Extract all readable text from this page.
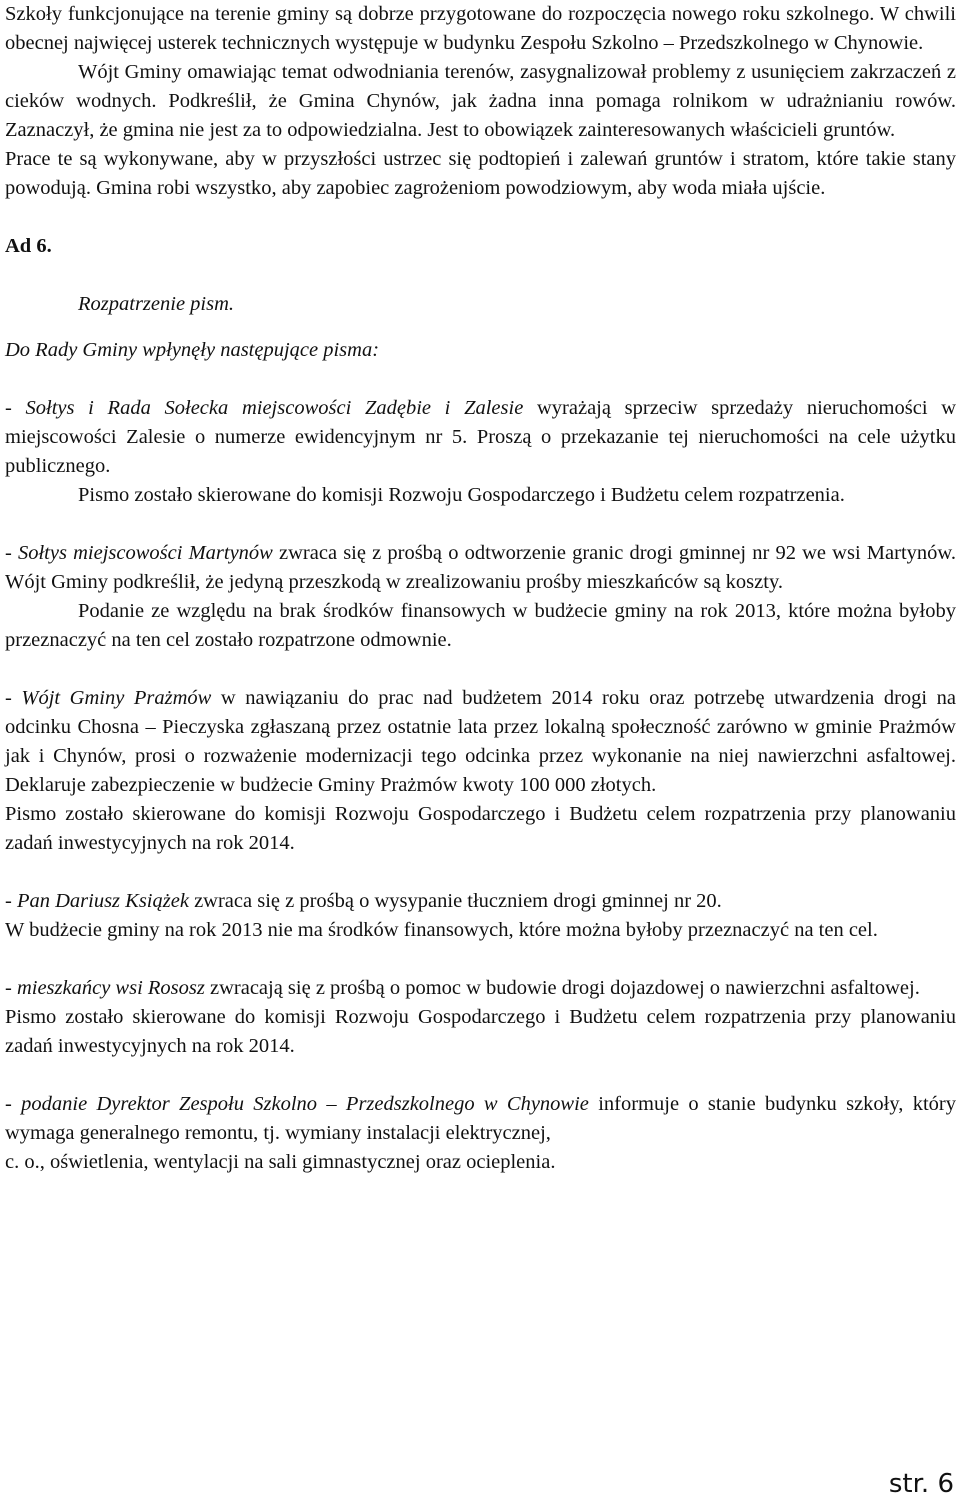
Szkoły funkcjonujące na terenie gminy są dobrze przygotowane do rozpoczęcia nowego roku szkolnego. W chwili obecnej najwięcej usterek technicznych występuje w budynku Zespołu Szkolno – Przedszkolnego w Chynowie.

Wójt Gminy omawiając temat odwodniania terenów, zasygnalizował problemy z usunięciem zakrzaczeń z cieków wodnych. Podkreślił, że Gmina Chynów, jak żadna inna pomaga rolnikom w udrażnianiu rowów. Zaznaczył, że gmina nie jest za to odpowiedzialna. Jest to obowiązek zainteresowanych właścicieli gruntów.

Prace te są wykonywane, aby w przyszłości ustrzec się podtopień i zalewań gruntów i stratom, które takie stany powodują. Gmina robi wszystko, aby zapobiec zagrożeniom powodziowym, aby woda miała ujście.

Ad 6.

Rozpatrzenie pism.

Do Rady Gminy wpłynęły następujące pisma:

- Sołtys i Rada Sołecka miejscowości Zadębie i Zalesie wyrażają sprzeciw sprzedaży nieruchomości w miejscowości Zalesie o numerze ewidencyjnym nr 5. Proszą o przekazanie tej nieruchomości na cele użytku publicznego.

Pismo zostało skierowane do komisji Rozwoju Gospodarczego i Budżetu celem rozpatrzenia.

- Sołtys miejscowości Martynów zwraca się z prośbą o odtworzenie granic drogi gminnej nr 92 we wsi Martynów. Wójt Gminy podkreślił, że jedyną przeszkodą w zrealizowaniu prośby mieszkańców są koszty.

Podanie ze względu na brak środków finansowych w budżecie gminy na rok 2013, które można byłoby przeznaczyć na ten cel zostało rozpatrzone odmownie.

- Wójt Gminy Prażmów w nawiązaniu do prac nad budżetem 2014 roku oraz potrzebę utwardzenia drogi na odcinku Chosna – Pieczyska zgłaszaną przez ostatnie lata przez lokalną społeczność zarówno w gminie Prażmów jak i Chynów, prosi o rozważenie modernizacji tego odcinka przez wykonanie na niej nawierzchni asfaltowej. Deklaruje zabezpieczenie w budżecie Gminy Prażmów kwoty 100 000 złotych.

Pismo zostało skierowane do komisji Rozwoju Gospodarczego i Budżetu celem rozpatrzenia przy planowaniu zadań inwestycyjnych na rok 2014.

- Pan Dariusz Książek zwraca się z prośbą o wysypanie tłuczniem drogi gminnej nr 20.

W budżecie gminy na rok 2013 nie ma środków finansowych, które można byłoby przeznaczyć na ten cel.

- mieszkańcy wsi Rososz zwracają się z prośbą o pomoc w budowie drogi dojazdowej o nawierzchni asfaltowej.

Pismo zostało skierowane do komisji Rozwoju Gospodarczego i Budżetu celem rozpatrzenia przy planowaniu zadań inwestycyjnych na rok 2014.

- podanie Dyrektor Zespołu Szkolno – Przedszkolnego w Chynowie informuje o stanie budynku szkoły, który wymaga generalnego remontu, tj. wymiany instalacji elektrycznej,

c. o., oświetlenia, wentylacji na sali gimnastycznej oraz ocieplenia.

str. 6
